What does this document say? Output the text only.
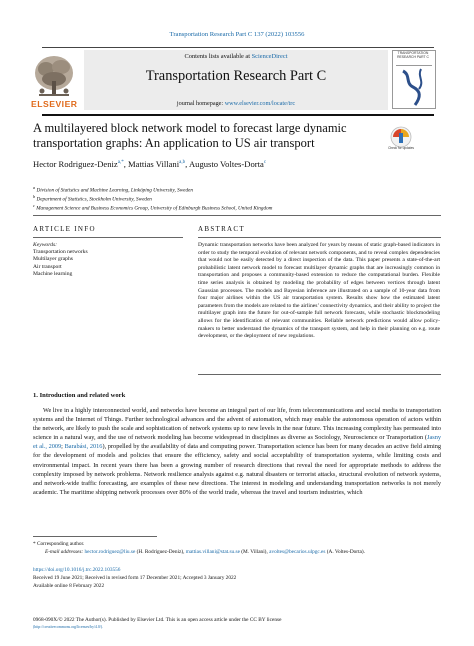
Transportation Research Part C 137 (2022) 103556
ELSEVIER
Contents lists available at ScienceDirect
Transportation Research Part C
journal homepage: www.elsevier.com/locate/trc
TRANSPORTATION RESEARCH PART C
A multilayered block network model to forecast large dynamic transportation graphs: An application to US air transport	Check for updates
Hector Rodriguez-Deniz$^{a,*}$, Mattias Villani$^{a,b}$, Augusto Voltes-Dorta$^c$
$^a$ Division of Statistics and Machine Learning, Linköping University, Sweden
$^b$ Department of Statistics, Stockholm University, Sweden
$^c$ Management Science and Business Economics Group, University of Edinburgh Business School, United Kingdom
ARTICLE INFO
Keywords:
Transportation networks
Multilayer graphs
Air transport
Machine learning
ABSTRACT
Dynamic transportation networks have been analyzed for years by means of static graph-based indicators in order to study the temporal evolution of relevant network components, and to reveal complex dependencies that would not be easily detected by a direct inspection of the data. This paper presents a state-of-the-art probabilistic latent network model to forecast multilayer dynamic graphs that are increasingly common in transportation and proposes a community-based extension to reduce the computational burden. Flexible time series analysis is obtained by modeling the probability of edges between vertices through latent Gaussian processes. The models and Bayesian inference are illustrated on a sample of 10-year data from four major airlines within the US air transportation system. Results show how the estimated latent parameters from the models are related to the airlines’ connectivity dynamics, and their ability to project the multilayer graph into the future for out-of-sample full network forecasts, while stochastic blockmodeling allows for the identification of relevant communities. Reliable network predictions would allow policy-makers to better understand the dynamics of the transport system, and help in their planning on e.g. route development, or the deployment of new regulations.
1. Introduction and related work
We live in a highly interconnected world, and networks have become an integral part of our life, from telecommunications and social media to transportation systems and the Internet of Things. Further technological advances and the advent of automation, which may enable the autonomous operation of actors within the network, are likely to push the scale and sophistication of network systems up to new levels in the near future. This increasing complexity has permeated into science in a natural way, and the use of network modeling has become widespread in disciplines as diverse as Sociology, Neuroscience or Transportation (Jasny et al., 2009; Barabási, 2016), propelled by the availability of data and computing power. Transportation science has been for many decades an active field aiming for the development of models and policies that ensure the efficiency, safety and social acceptability of transportation systems, while limiting costs and environmental impact. In recent years there has been a growing number of research directions that reveal the need for appropriate methods to address the complexity imposed by network problems. Network resilience analysis against e.g. natural disasters or terrorist attacks, structural evolution of network systems, and network-wide traffic forecasting, are examples of these new directions. The interest in modeling and understanding transportation networks is not merely academic. The maritime shipping network processes over 80% of the world trade, whereas the travel and tourism industries, which
* Corresponding author.
E-mail addresses: hector.rodriguez@liu.se (H. Rodriguez-Deniz), mattias.villani@stat.su.se (M. Villani), avoltes@becarios.ulpgc.es (A. Voltes-Dorta).
https://doi.org/10.1016/j.trc.2022.103556
Received 19 June 2021; Received in revised form 17 December 2021; Accepted 3 January 2022
Available online 8 February 2022
0968-090X/© 2022 The Author(s). Published by Elsevier Ltd. This is an open access article under the CC BY license
(http://creativecommons.org/licenses/by/4.0/).
